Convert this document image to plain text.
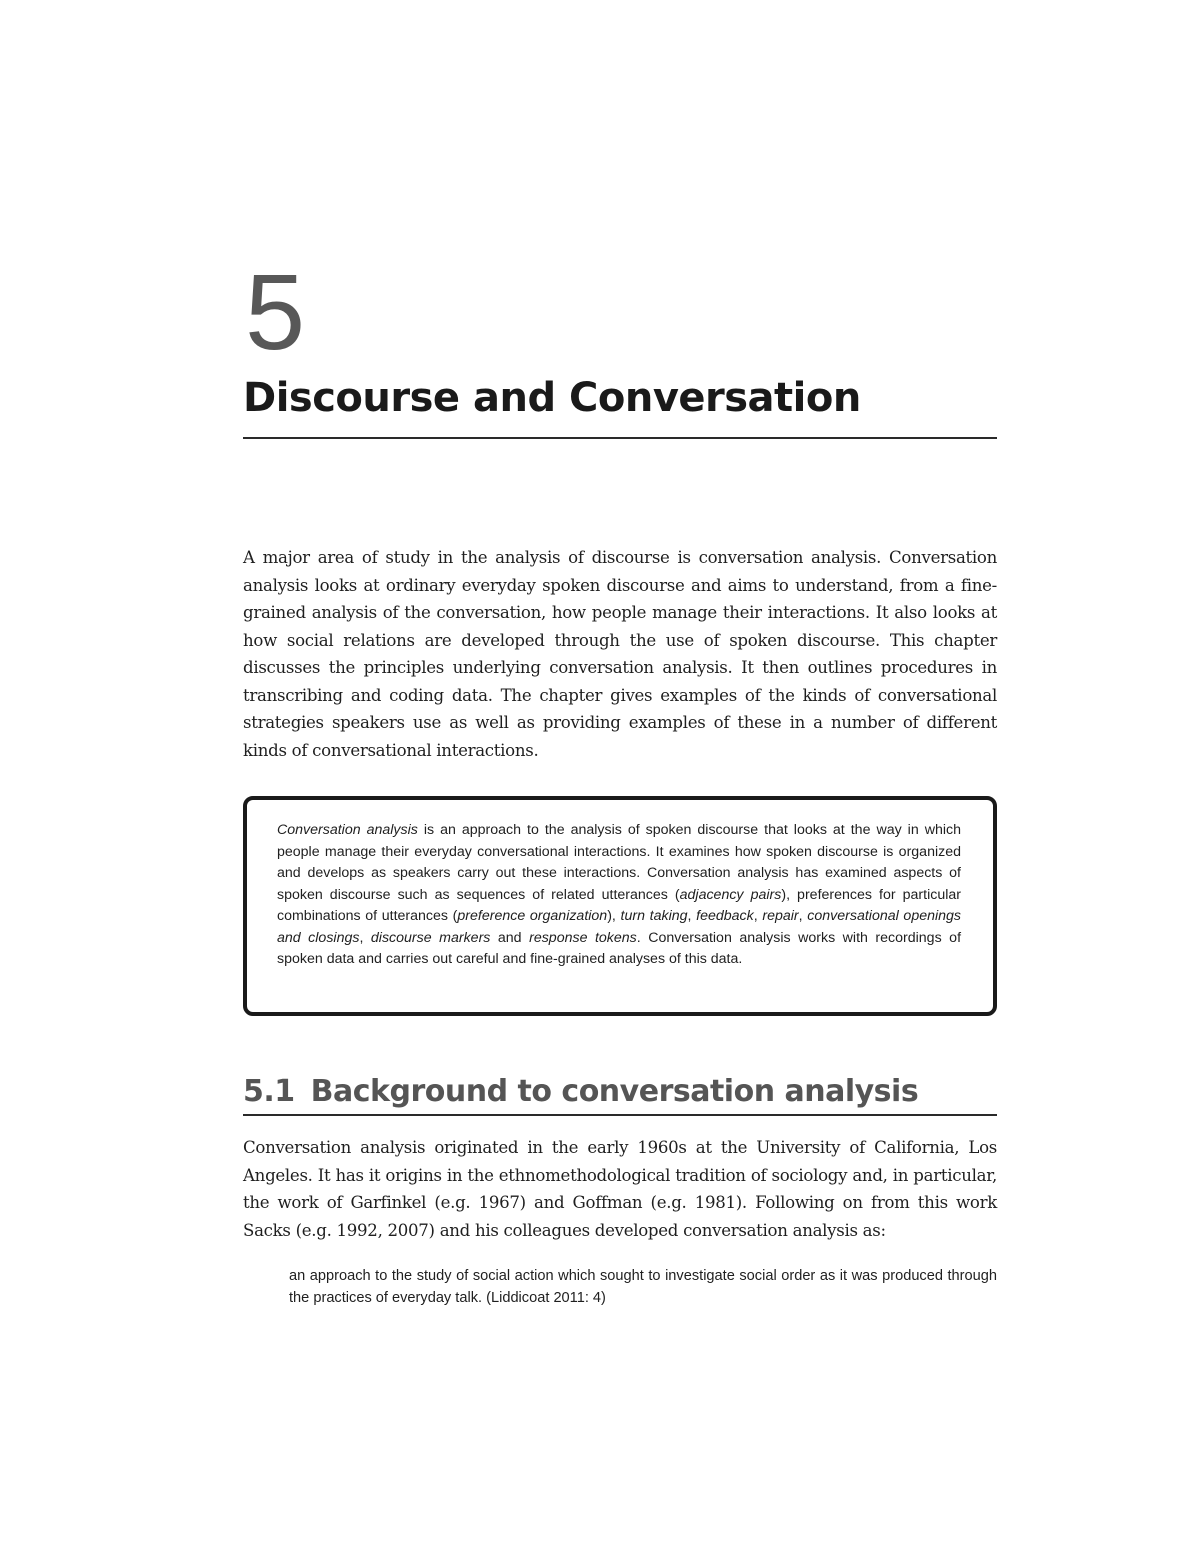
5
Discourse and Conversation

A major area of study in the analysis of discourse is conversation analysis. Conversation analysis looks at ordinary everyday spoken discourse and aims to understand, from a fine-grained analysis of the conversation, how people manage their interactions. It also looks at how social relations are developed through the use of spoken discourse. This chapter discusses the principles underlying conversation analysis. It then outlines procedures in transcribing and coding data. The chapter gives examples of the kinds of conversational strategies speakers use as well as providing examples of these in a number of different kinds of conversational interactions.

Conversation analysis is an approach to the analysis of spoken discourse that looks at the way in which people manage their everyday conversational interactions. It examines how spoken discourse is organized and develops as speakers carry out these interactions. Conversation analysis has examined aspects of spoken discourse such as sequences of related utterances (adjacency pairs), preferences for particular combinations of utterances (preference organization), turn taking, feedback, repair, conversational openings and closings, discourse markers and response tokens. Conversation analysis works with recordings of spoken data and carries out careful and fine-grained analyses of this data.

5.1 Background to conversation analysis

Conversation analysis originated in the early 1960s at the University of California, Los Angeles. It has it origins in the ethnomethodological tradition of sociology and, in particular, the work of Garfinkel (e.g. 1967) and Goffman (e.g. 1981). Following on from this work Sacks (e.g. 1992, 2007) and his colleagues developed conversation analysis as:

an approach to the study of social action which sought to investigate social order as it was produced through the practices of everyday talk. (Liddicoat 2011: 4)
